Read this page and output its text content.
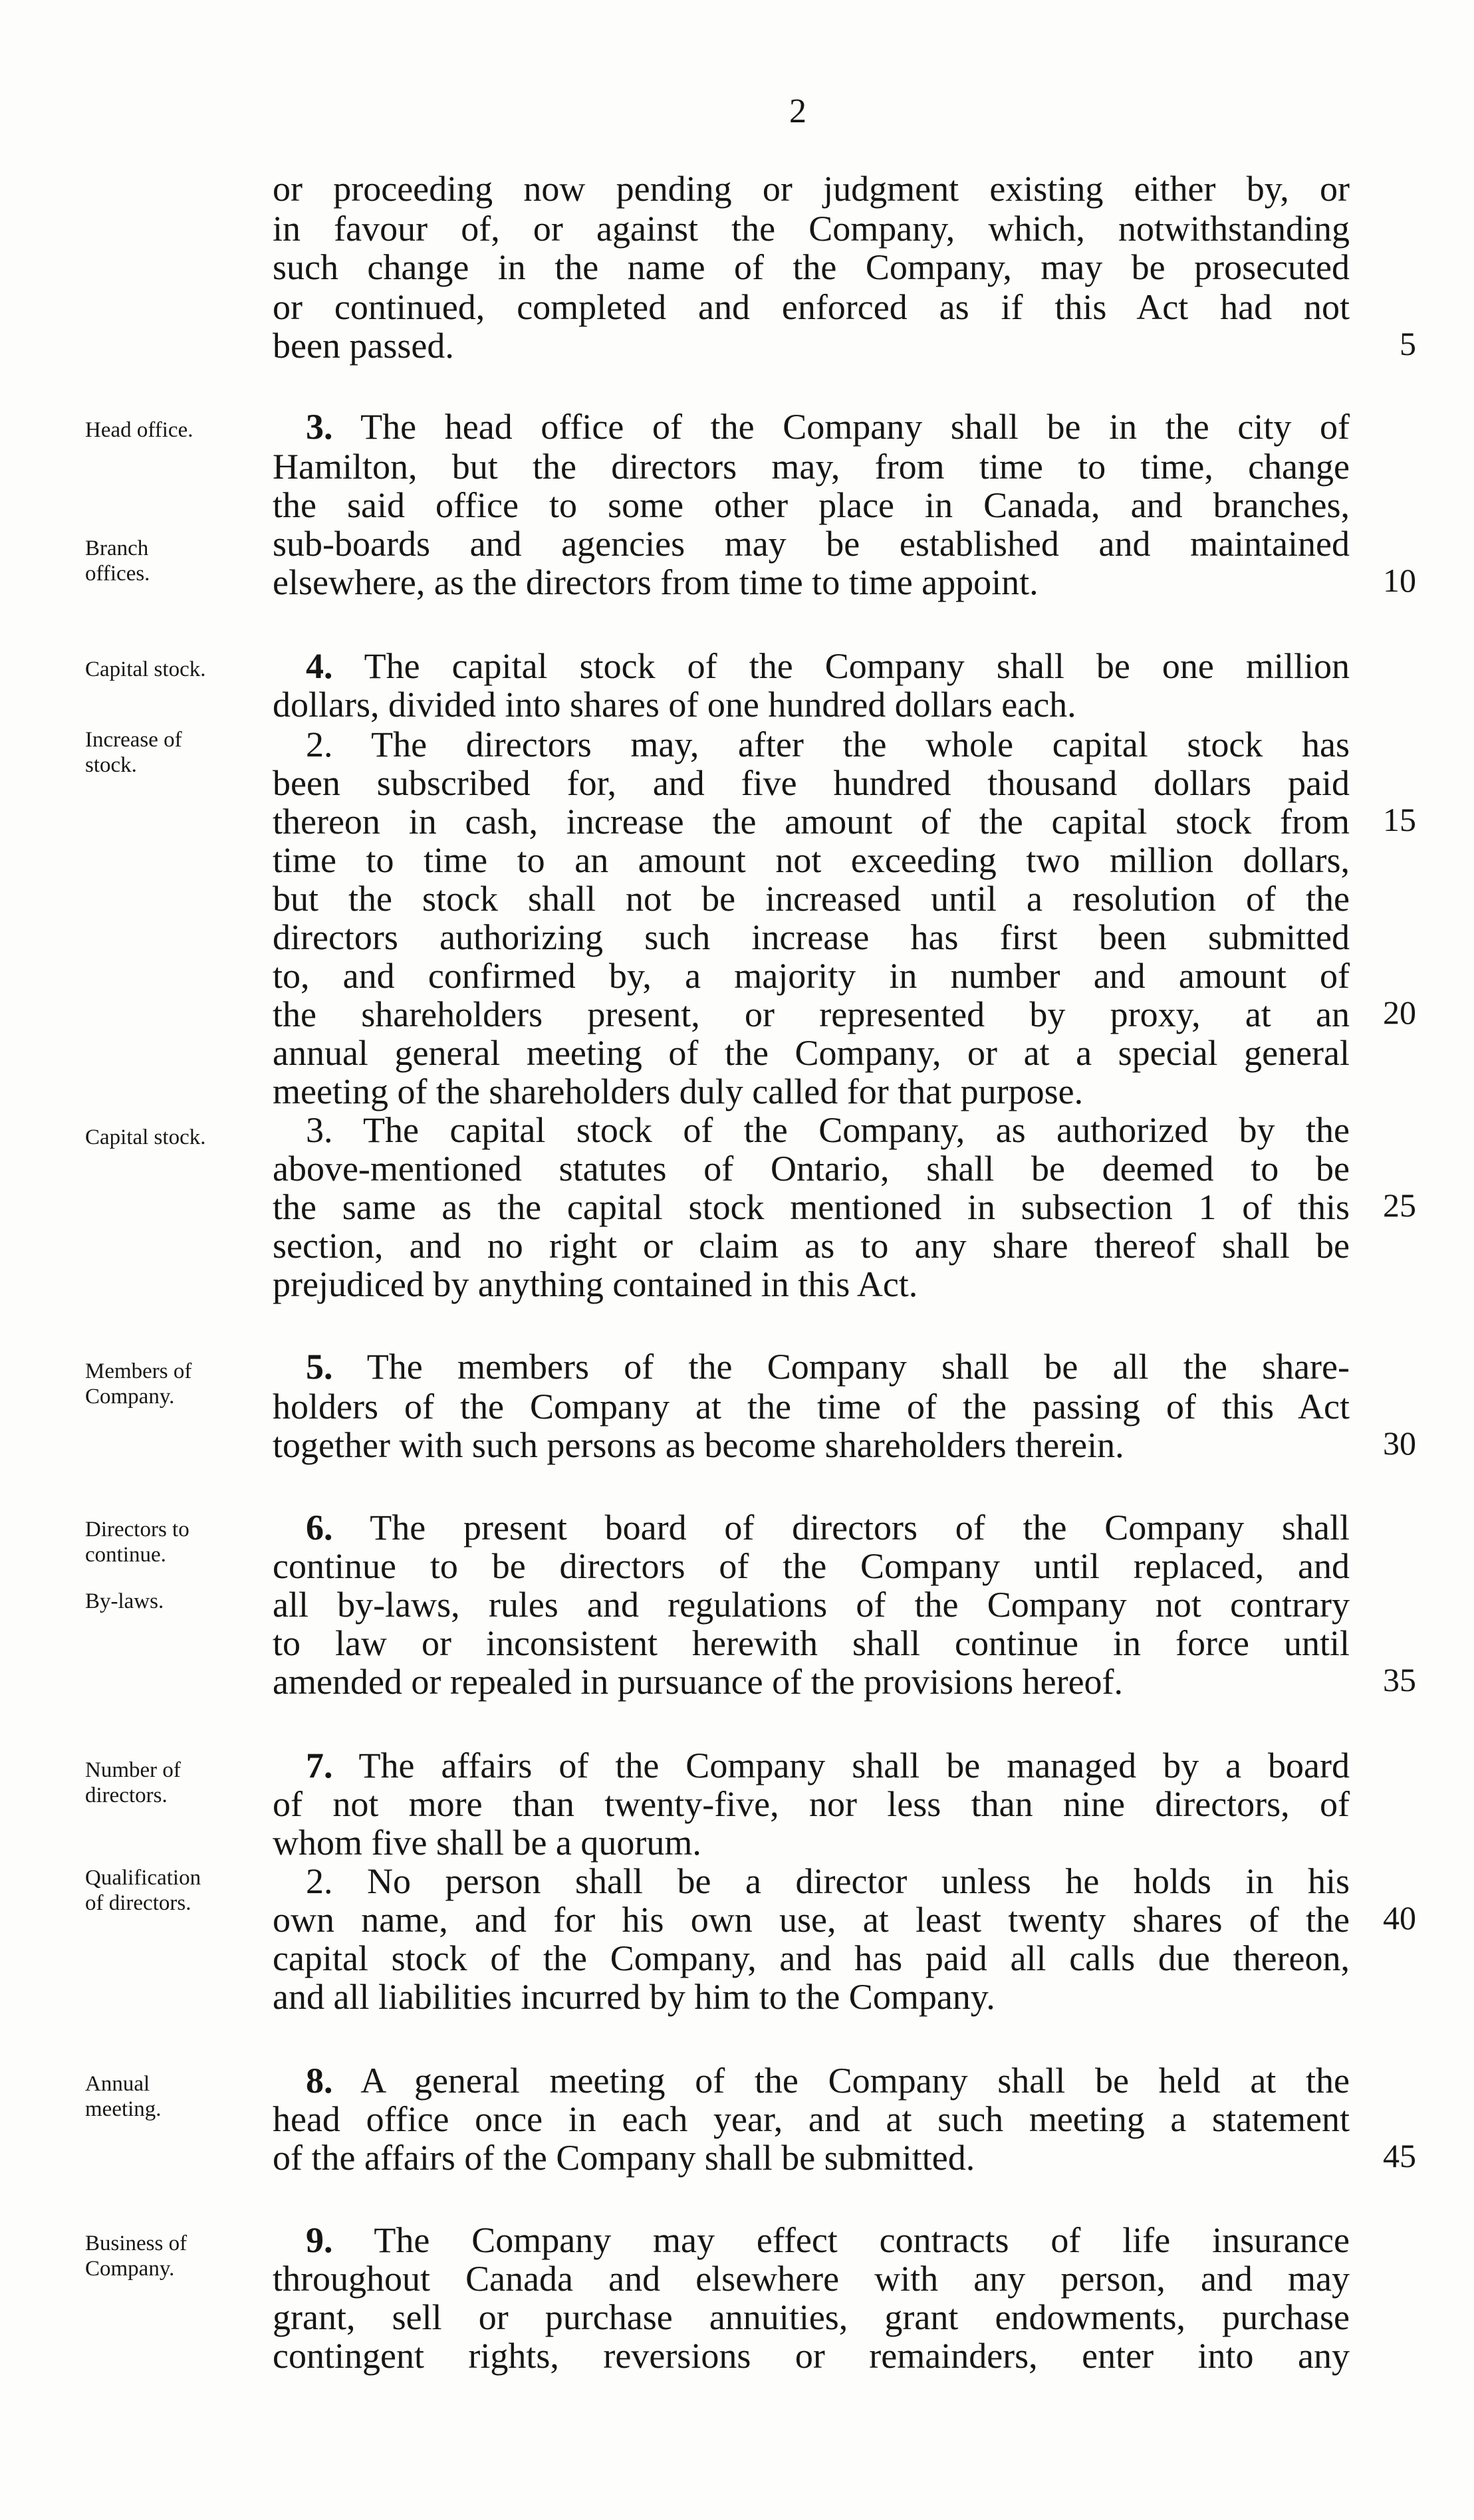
2
or proceeding now pending or judgment existing either by, or
in favour of, or against the Company, which, notwithstanding
such change in the name of the Company, may be prosecuted
or continued, completed and enforced as if this Act had not
been passed.
3. The head office of the Company shall be in the city of
Hamilton, but the directors may, from time to time, change
the said office to some other place in Canada, and branches,
sub-boards and agencies may be established and maintained
elsewhere, as the directors from time to time appoint.
4. The capital stock of the Company shall be one million
dollars, divided into shares of one hundred dollars each.
2. The directors may, after the whole capital stock has
been subscribed for, and five hundred thousand dollars paid
thereon in cash, increase the amount of the capital stock from
time to time to an amount not exceeding two million dollars,
but the stock shall not be increased until a resolution of the
directors authorizing such increase has first been submitted
to, and confirmed by, a majority in number and amount of
the shareholders present, or represented by proxy, at an
annual general meeting of the Company, or at a special general
meeting of the shareholders duly called for that purpose.
3. The capital stock of the Company, as authorized by the
above-mentioned statutes of Ontario, shall be deemed to be
the same as the capital stock mentioned in subsection 1 of this
section, and no right or claim as to any share thereof shall be
prejudiced by anything contained in this Act.
5. The members of the Company shall be all the share-
holders of the Company at the time of the passing of this Act
together with such persons as become shareholders therein.
6. The present board of directors of the Company shall
continue to be directors of the Company until replaced, and
all by-laws, rules and regulations of the Company not contrary
to law or inconsistent herewith shall continue in force until
amended or repealed in pursuance of the provisions hereof.
7. The affairs of the Company shall be managed by a board
of not more than twenty-five, nor less than nine directors, of
whom five shall be a quorum.
2. No person shall be a director unless he holds in his
own name, and for his own use, at least twenty shares of the
capital stock of the Company, and has paid all calls due thereon,
and all liabilities incurred by him to the Company.
8. A general meeting of the Company shall be held at the
head office once in each year, and at such meeting a statement
of the affairs of the Company shall be submitted.
9. The Company may effect contracts of life insurance
throughout Canada and elsewhere with any person, and may
grant, sell or purchase annuities, grant endowments, purchase
contingent rights, reversions or remainders, enter into any
5
10
15
20
25
30
35
40
45
Head office.
Branch
offices.
Capital stock.
Increase of
stock.
Capital stock.
Members of
Company.
Directors to
continue.
By-laws.
Number of
directors.
Qualification
of directors.
Annual
meeting.
Business of
Company.
